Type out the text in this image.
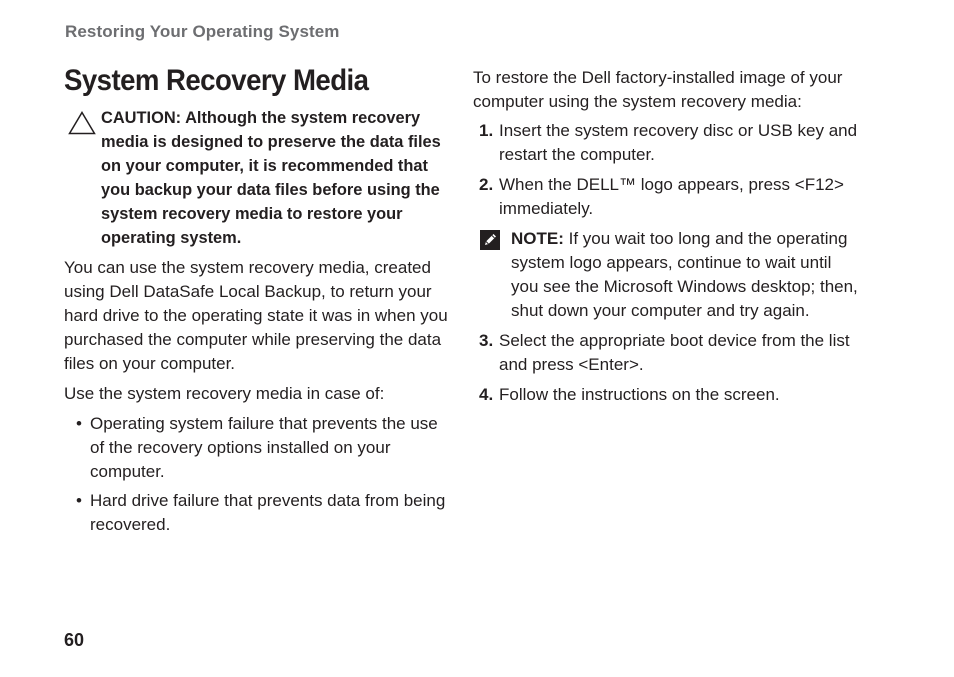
Restoring Your Operating System
System Recovery Media
CAUTION: Although the system recovery media is designed to preserve the data files on your computer, it is recommended that you backup your data files before using the system recovery media to restore your operating system.

You can use the system recovery media, created using Dell DataSafe Local Backup, to return your hard drive to the operating state it was in when you purchased the computer while preserving the data files on your computer.

Use the system recovery media in case of:

• Operating system failure that prevents the use of the recovery options installed on your computer.
• Hard drive failure that prevents data from being recovered.

To restore the Dell factory-installed image of your computer using the system recovery media:

1. Insert the system recovery disc or USB key and restart the computer.
2. When the DELL™ logo appears, press <F12> immediately.
NOTE: If you wait too long and the operating system logo appears, continue to wait until you see the Microsoft Windows desktop; then, shut down your computer and try again.
3. Select the appropriate boot device from the list and press <Enter>.
4. Follow the instructions on the screen.
60
